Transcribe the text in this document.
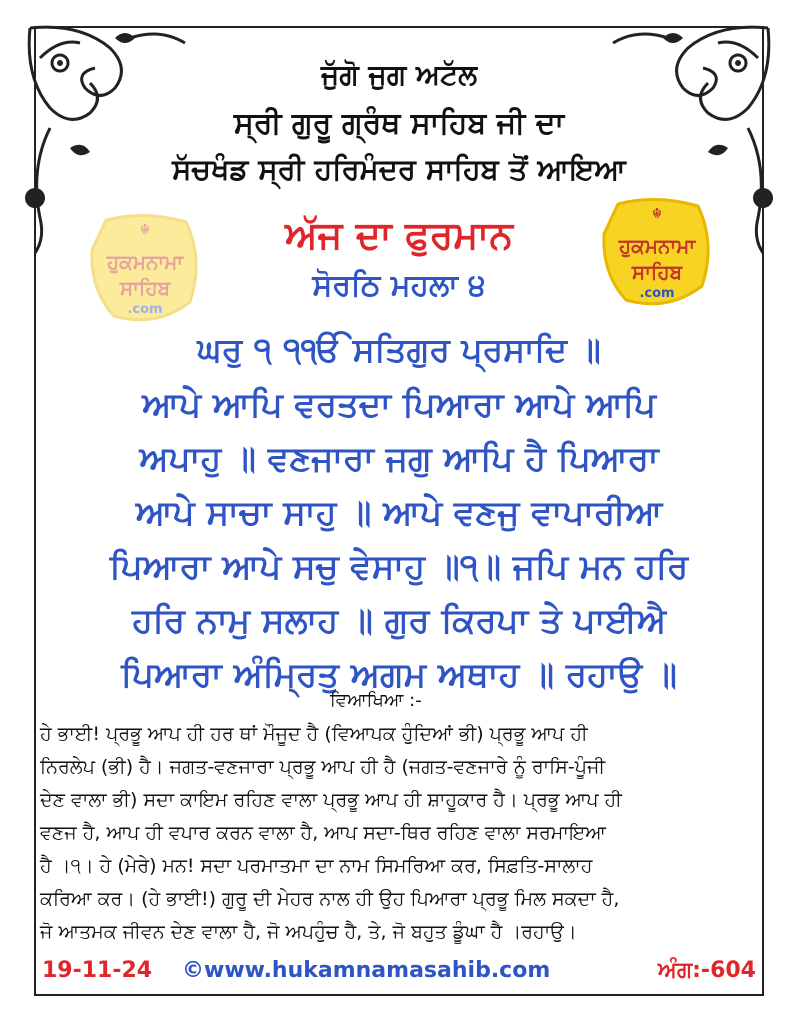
ਜੁੱਗੋ ਜੁਗ ਅਟੱਲ
ਸ੍ਰੀ ਗੁਰੂ ਗ੍ਰੰਥ ਸਾਹਿਬ ਜੀ ਦਾ
ਸੱਚਖੰਡ ਸ੍ਰੀ ਹਰਿਮੰਦਰ ਸਾਹਿਬ ਤੋਂ ਆਇਆ
☬
ਹੁਕਮਨਾਮਾ
ਸਾਹਿਬ
.com
☬
ਹੁਕਮਨਾਮਾ
ਸਾਹਿਬ
.com
ਅੱਜ ਦਾ ਫੁਰਮਾਨ
ਸੋਰਠਿ ਮਹਲਾ ੪
ਘਰੁ ੧ ੧ੴ ਸਤਿਗੁਰ ਪ੍ਰਸਾਦਿ ॥
ਆਪੇ ਆਪਿ ਵਰਤਦਾ ਪਿਆਰਾ ਆਪੇ ਆਪਿ
ਅਪਾਹੁ ॥ ਵਣਜਾਰਾ ਜਗੁ ਆਪਿ ਹੈ ਪਿਆਰਾ
ਆਪੇ ਸਾਚਾ ਸਾਹੁ ॥ ਆਪੇ ਵਣਜੁ ਵਾਪਾਰੀਆ
ਪਿਆਰਾ ਆਪੇ ਸਚੁ ਵੇਸਾਹੁ ॥੧॥ ਜਪਿ ਮਨ ਹਰਿ
ਹਰਿ ਨਾਮੁ ਸਲਾਹ ॥ ਗੁਰ ਕਿਰਪਾ ਤੇ ਪਾਈਐ
ਪਿਆਰਾ ਅੰਮ੍ਰਿਤੁ ਅਗਮ ਅਥਾਹ ॥ ਰਹਾਉ ॥
ਵਿਆਖਿਆ :-
ਹੇ ਭਾਈ! ਪ੍ਰਭੂ ਆਪ ਹੀ ਹਰ ਥਾਂ ਮੌਜੂਦ ਹੈ (ਵਿਆਪਕ ਹੁੰਦਿਆਂ ਭੀ) ਪ੍ਰਭੂ ਆਪ ਹੀ
ਨਿਰਲੇਪ (ਭੀ) ਹੈ। ਜਗਤ-ਵਣਜਾਰਾ ਪ੍ਰਭੂ ਆਪ ਹੀ ਹੈ (ਜਗਤ-ਵਣਜਾਰੇ ਨੂੰ ਰਾਸਿ-ਪੂੰਜੀ
ਦੇਣ ਵਾਲਾ ਭੀ) ਸਦਾ ਕਾਇਮ ਰਹਿਣ ਵਾਲਾ ਪ੍ਰਭੂ ਆਪ ਹੀ ਸ਼ਾਹੂਕਾਰ ਹੈ। ਪ੍ਰਭੂ ਆਪ ਹੀ
ਵਣਜ ਹੈ, ਆਪ ਹੀ ਵਪਾਰ ਕਰਨ ਵਾਲਾ ਹੈ, ਆਪ ਸਦਾ-ਥਿਰ ਰਹਿਣ ਵਾਲਾ ਸਰਮਾਇਆ
ਹੈ ।੧। ਹੇ (ਮੇਰੇ) ਮਨ! ਸਦਾ ਪਰਮਾਤਮਾ ਦਾ ਨਾਮ ਸਿਮਰਿਆ ਕਰ, ਸਿਫ਼ਤਿ-ਸਾਲਾਹ
ਕਰਿਆ ਕਰ। (ਹੇ ਭਾਈ!) ਗੁਰੂ ਦੀ ਮੇਹਰ ਨਾਲ ਹੀ ਉਹ ਪਿਆਰਾ ਪ੍ਰਭੂ ਮਿਲ ਸਕਦਾ ਹੈ,
ਜੋ ਆਤਮਕ ਜੀਵਨ ਦੇਣ ਵਾਲਾ ਹੈ, ਜੋ ਅਪਹੁੰਚ ਹੈ, ਤੇ, ਜੋ ਬਹੁਤ ਡੂੰਘਾ ਹੈ ।ਰਹਾਉ।
19-11-24 ©www.hukamnamasahib.com	ਅੰਗ:-604
